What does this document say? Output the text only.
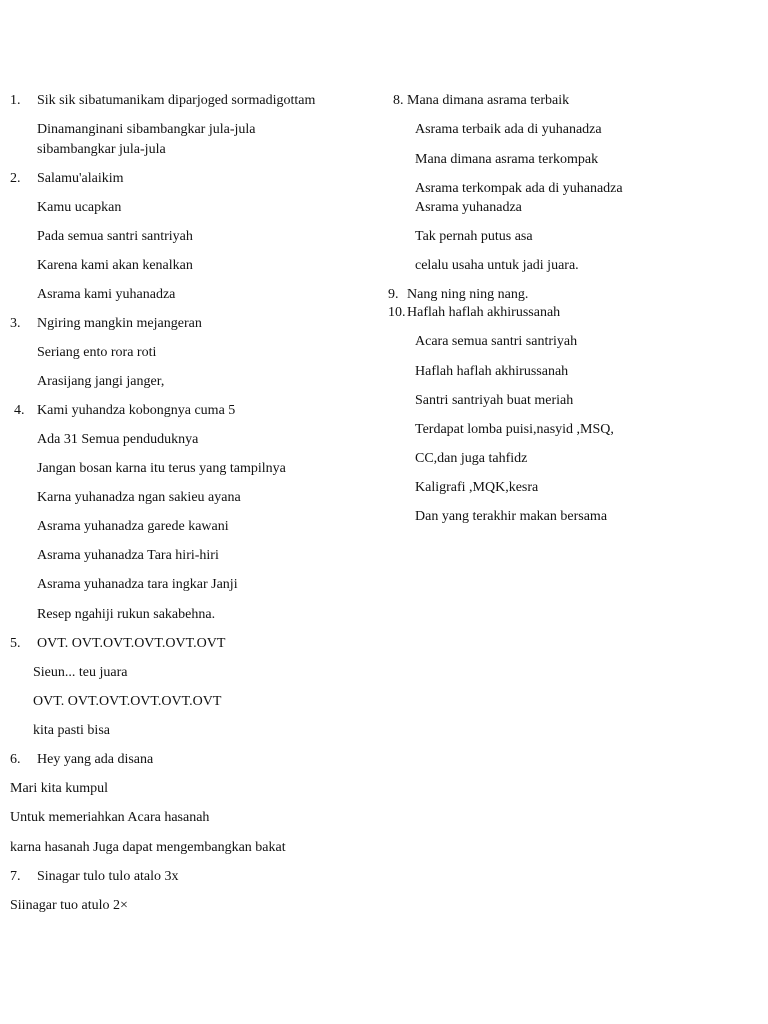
1. Sik sik sibatumanikam diparjoged sormadigottam
Dinamanginani sibambangkar jula-jula
sibambangkar jula-jula
2. Salamu'alaikim
Kamu ucapkan
Pada semua santri santriyah
Karena kami akan kenalkan
Asrama kami yuhanadza
3. Ngiring mangkin mejangeran
Seriang ento rora roti
Arasijang jangi janger,
4. Kami yuhandza kobongnya cuma 5
Ada 31 Semua penduduknya
Jangan bosan karna itu terus yang tampilnya
Karna yuhanadza ngan sakieu ayana
Asrama yuhanadza garede kawani
Asrama yuhanadza Tara hiri-hiri
Asrama yuhanadza tara ingkar Janji
Resep ngahiji rukun sakabehna.
5. OVT. OVT.OVT.OVT.OVT.OVT
Sieun... teu juara
OVT. OVT.OVT.OVT.OVT.OVT
kita pasti bisa
6. Hey yang ada disana
Mari kita kumpul
Untuk memeriahkan Acara hasanah
karna hasanah Juga dapat mengembangkan bakat
7. Sinagar tulo tulo atalo 3x
Siinagar tuo atulo 2×
8. Mana dimana asrama terbaik
Asrama terbaik ada di yuhanadza
Mana dimana asrama terkompak
Asrama terkompak ada di yuhanadza
Asrama yuhanadza
Tak pernah putus asa
celalu usaha untuk jadi juara.
9. Nang ning ning nang.
10. Haflah haflah akhirussanah
Acara semua santri santriyah
Haflah haflah akhirussanah
Santri santriyah buat meriah
Terdapat lomba puisi,nasyid ,MSQ,
CC,dan juga tahfidz
Kaligrafi ,MQK,kesra
Dan yang terakhir makan bersama
